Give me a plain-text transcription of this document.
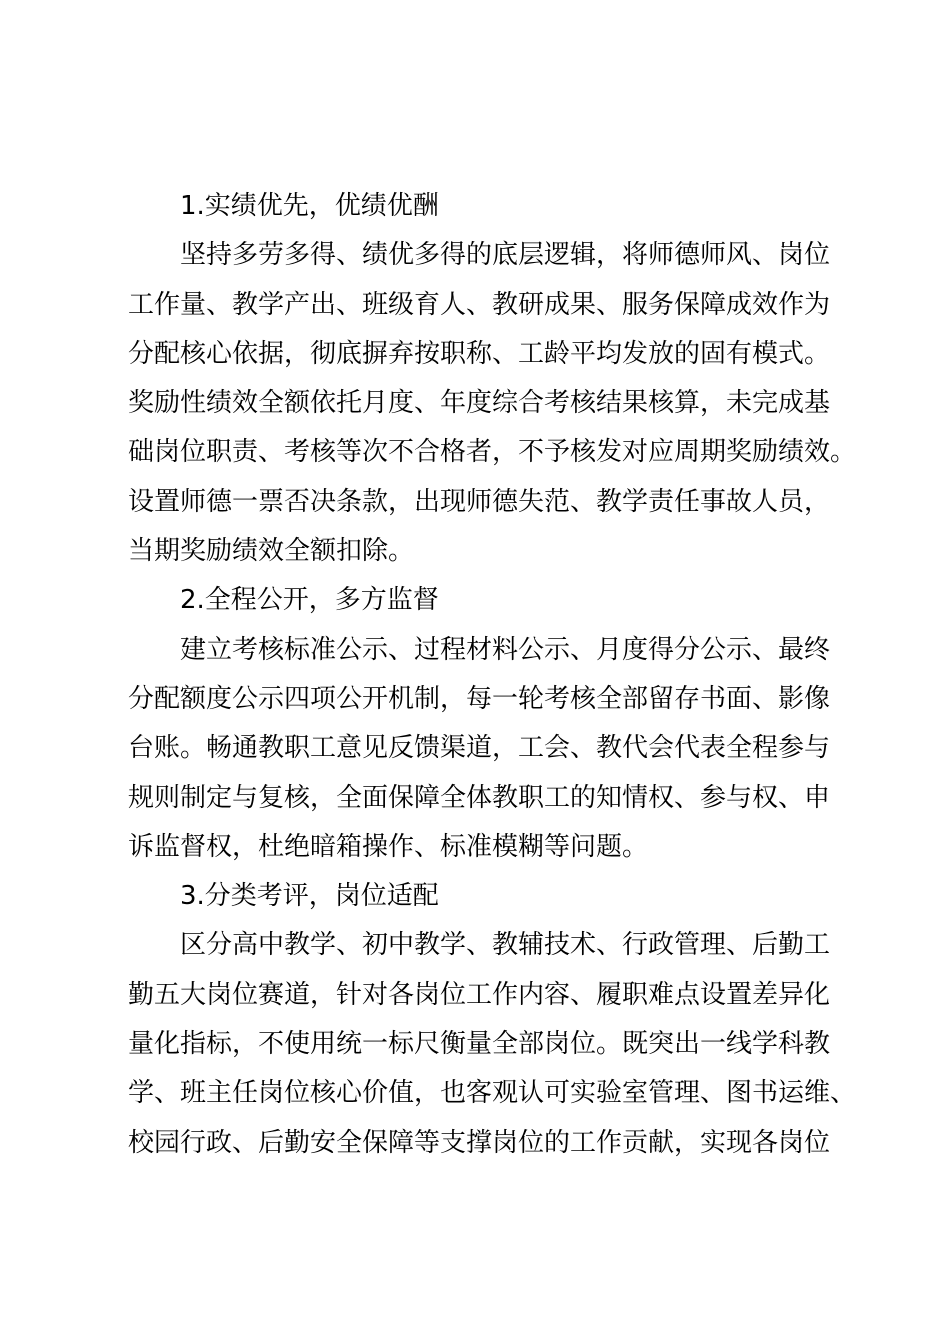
1.实绩优先，优绩优酬
坚持多劳多得、绩优多得的底层逻辑，将师德师风、岗位
工作量、教学产出、班级育人、教研成果、服务保障成效作为
分配核心依据，彻底摒弃按职称、工龄平均发放的固有模式。
奖励性绩效全额依托月度、年度综合考核结果核算，未完成基
础岗位职责、考核等次不合格者，不予核发对应周期奖励绩效。
设置师德一票否决条款，出现师德失范、教学责任事故人员，
当期奖励绩效全额扣除。
2.全程公开，多方监督
建立考核标准公示、过程材料公示、月度得分公示、最终
分配额度公示四项公开机制，每一轮考核全部留存书面、影像
台账。畅通教职工意见反馈渠道，工会、教代会代表全程参与
规则制定与复核，全面保障全体教职工的知情权、参与权、申
诉监督权，杜绝暗箱操作、标准模糊等问题。
3.分类考评，岗位适配
区分高中教学、初中教学、教辅技术、行政管理、后勤工
勤五大岗位赛道，针对各岗位工作内容、履职难点设置差异化
量化指标，不使用统一标尺衡量全部岗位。既突出一线学科教
学、班主任岗位核心价值，也客观认可实验室管理、图书运维、
校园行政、后勤安全保障等支撑岗位的工作贡献，实现各岗位
